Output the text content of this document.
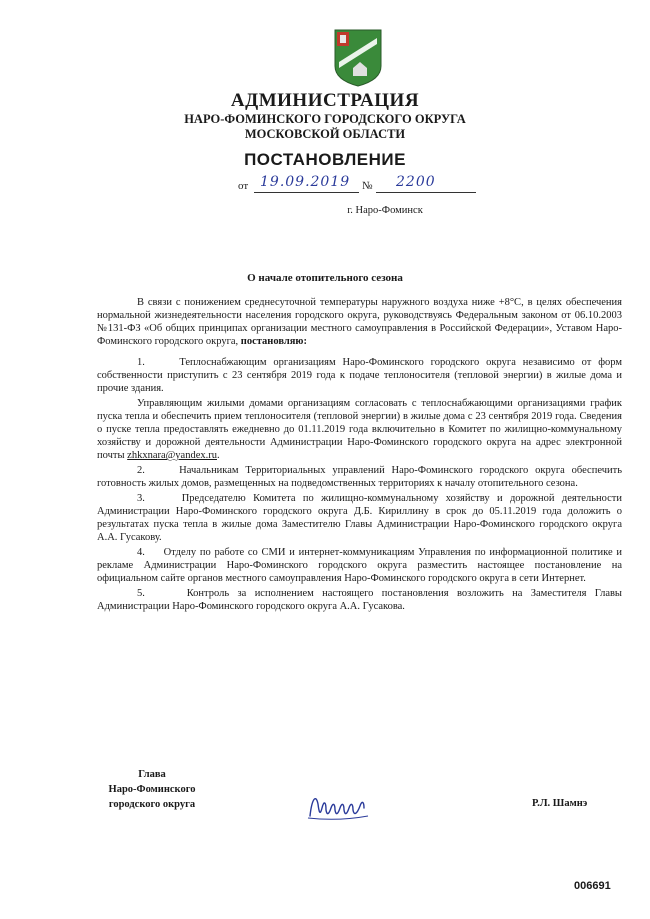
АДМИНИСТРАЦИЯ
НАРО-ФОМИНСКОГО ГОРОДСКОГО ОКРУГА
МОСКОВСКОЙ ОБЛАСТИ
ПОСТАНОВЛЕНИЕ
от 19.09.2019 № 2200
г. Наро-Фоминск
О начале отопительного сезона

В связи с понижением среднесуточной температуры наружного воздуха ниже +8°С, в целях обеспечения нормальной жизнедеятельности населения городского округа, руководствуясь Федеральным законом от 06.10.2003 №131-ФЗ «Об общих принципах организации местного самоуправления в Российской Федерации», Уставом Наро-Фоминского городского округа, постановляю:

1.     Теплоснабжающим организациям Наро-Фоминского городского округа независимо от форм собственности приступить с 23 сентября 2019 года к подаче теплоносителя (тепловой энергии) в жилые дома и прочие здания.

Управляющим жилыми домами организациям согласовать с теплоснабжающими организациями график пуска тепла и обеспечить прием теплоносителя (тепловой энергии) в жилые дома с 23 сентября 2019 года. Сведения о пуске тепла предоставлять ежедневно до 01.11.2019 года включительно в Комитет по жилищно-коммунальному хозяйству и дорожной деятельности Администрации Наро-Фоминского городского округа на адрес электронной почты zhkxnara@yandex.ru.

2.     Начальникам Территориальных управлений Наро-Фоминского городского округа обеспечить готовность жилых домов, размещенных на подведомственных территориях к началу отопительного сезона.

3.     Председателю Комитета по жилищно-коммунальному хозяйству и дорожной деятельности Администрации Наро-Фоминского городского округа Д.Б. Кириллину в срок до 05.11.2019 года доложить о результатах пуска тепла в жилые дома Заместителю Главы Администрации Наро-Фоминского городского округа А.А. Гусакову.

4.     Отделу по работе со СМИ и интернет-коммуникациям Управления по информационной политике и рекламе Администрации Наро-Фоминского городского округа разместить настоящее постановление на официальном сайте органов местного самоуправления Наро-Фоминского городского округа в сети Интернет.

5.     Контроль за исполнением настоящего постановления возложить на Заместителя Главы Администрации Наро-Фоминского городского округа А.А. Гусакова.

Глава
Наро-Фоминского
городского округа	Р.Л. Шамнэ
006691
